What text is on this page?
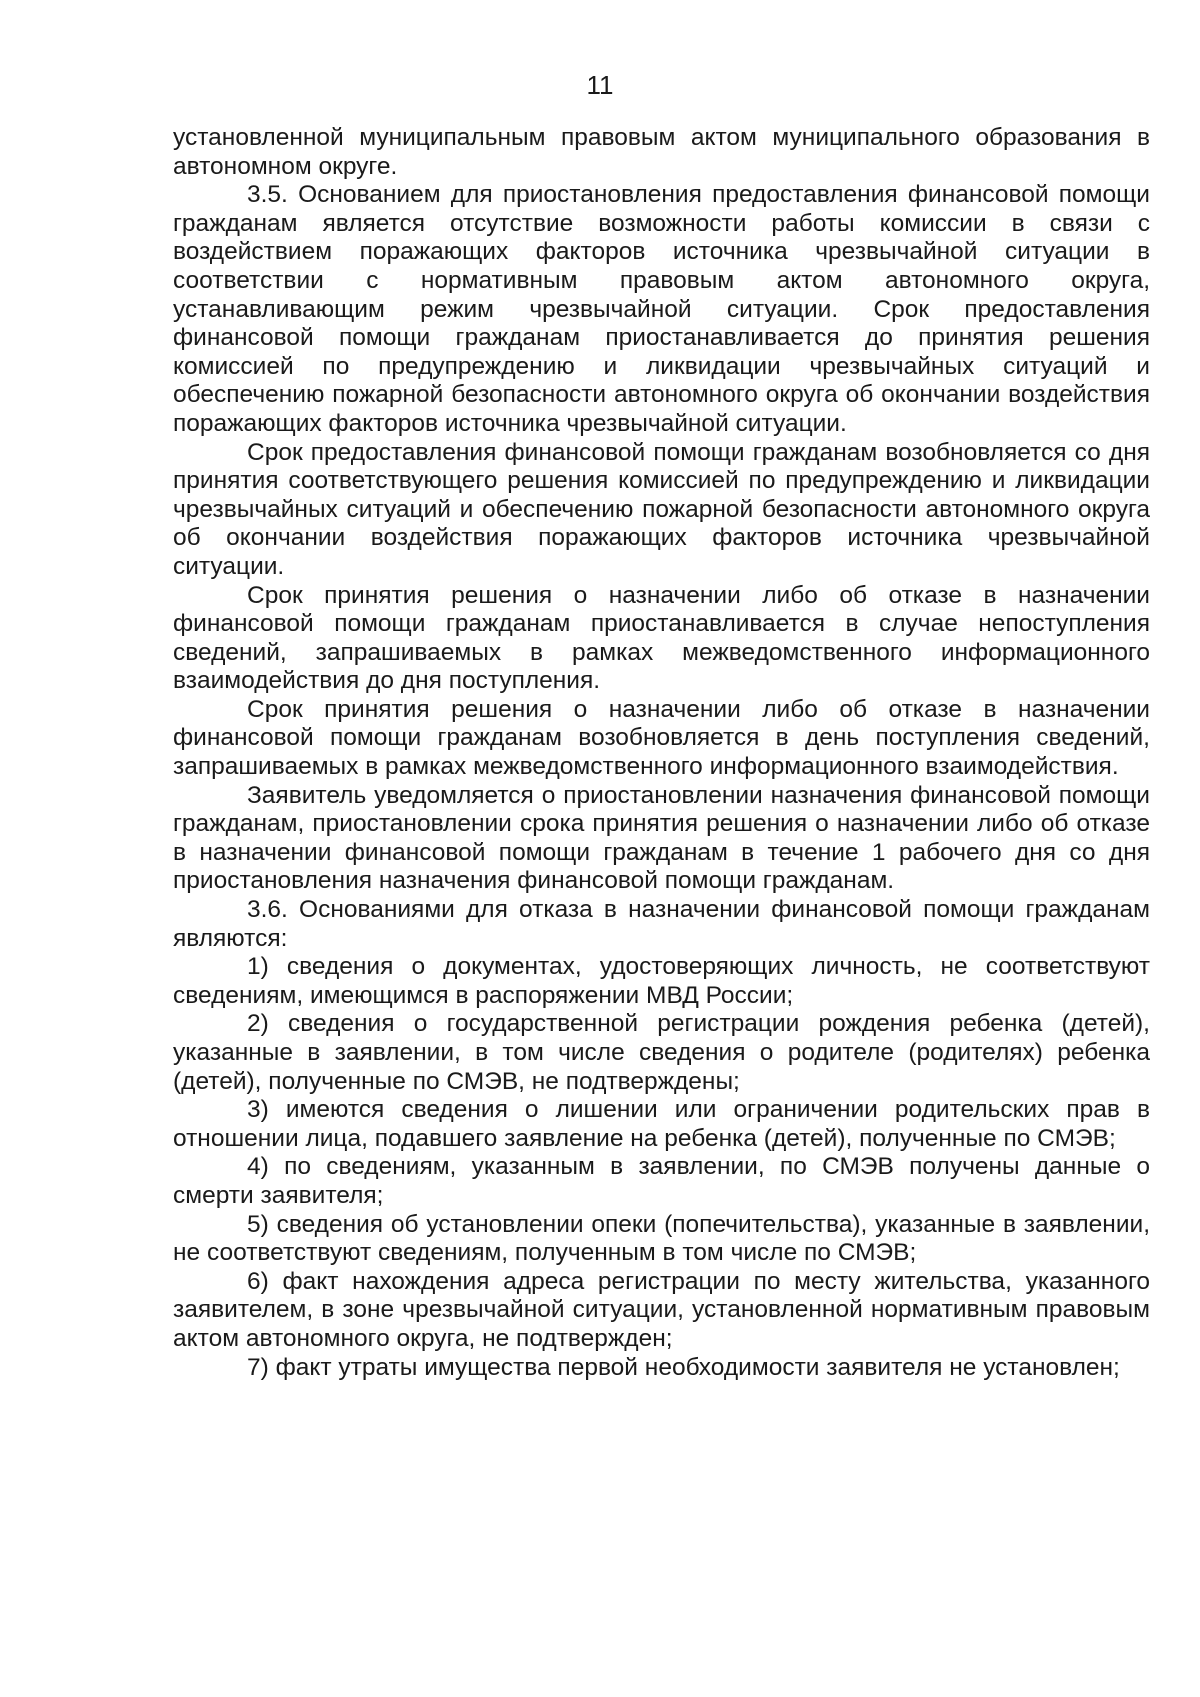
11

установленной муниципальным правовым актом муниципального образования в автономном округе.

3.5. Основанием для приостановления предоставления финансовой помощи гражданам является отсутствие возможности работы комиссии в связи с воздействием поражающих факторов источника чрезвычайной ситуации в соответствии с нормативным правовым актом автономного округа, устанавливающим режим чрезвычайной ситуации. Срок предоставления финансовой помощи гражданам приостанавливается до принятия решения комиссией по предупреждению и ликвидации чрезвычайных ситуаций и обеспечению пожарной безопасности автономного округа об окончании воздействия поражающих факторов источника чрезвычайной ситуации.

Срок предоставления финансовой помощи гражданам возобновляется со дня принятия соответствующего решения комиссией по предупреждению и ликвидации чрезвычайных ситуаций и обеспечению пожарной безопасности автономного округа об окончании воздействия поражающих факторов источника чрезвычайной ситуации.

Срок принятия решения о назначении либо об отказе в назначении финансовой помощи гражданам приостанавливается в случае непоступления сведений, запрашиваемых в рамках межведомственного информационного взаимодействия до дня поступления.

Срок принятия решения о назначении либо об отказе в назначении финансовой помощи гражданам возобновляется в день поступления сведений, запрашиваемых в рамках межведомственного информационного взаимодействия.

Заявитель уведомляется о приостановлении назначения финансовой помощи гражданам, приостановлении срока принятия решения о назначении либо об отказе в назначении финансовой помощи гражданам в течение 1 рабочего дня со дня приостановления назначения финансовой помощи гражданам.

3.6. Основаниями для отказа в назначении финансовой помощи гражданам являются:

1) сведения о документах, удостоверяющих личность, не соответствуют сведениям, имеющимся в распоряжении МВД России;

2) сведения о государственной регистрации рождения ребенка (детей), указанные в заявлении, в том числе сведения о родителе (родителях) ребенка (детей), полученные по СМЭВ, не подтверждены;

3) имеются сведения о лишении или ограничении родительских прав в отношении лица, подавшего заявление на ребенка (детей), полученные по СМЭВ;

4) по сведениям, указанным в заявлении, по СМЭВ получены данные о смерти заявителя;

5) сведения об установлении опеки (попечительства), указанные в заявлении, не соответствуют сведениям, полученным в том числе по СМЭВ;

6) факт нахождения адреса регистрации по месту жительства, указанного заявителем, в зоне чрезвычайной ситуации, установленной нормативным правовым актом автономного округа, не подтвержден;

7) факт утраты имущества первой необходимости заявителя не установлен;
